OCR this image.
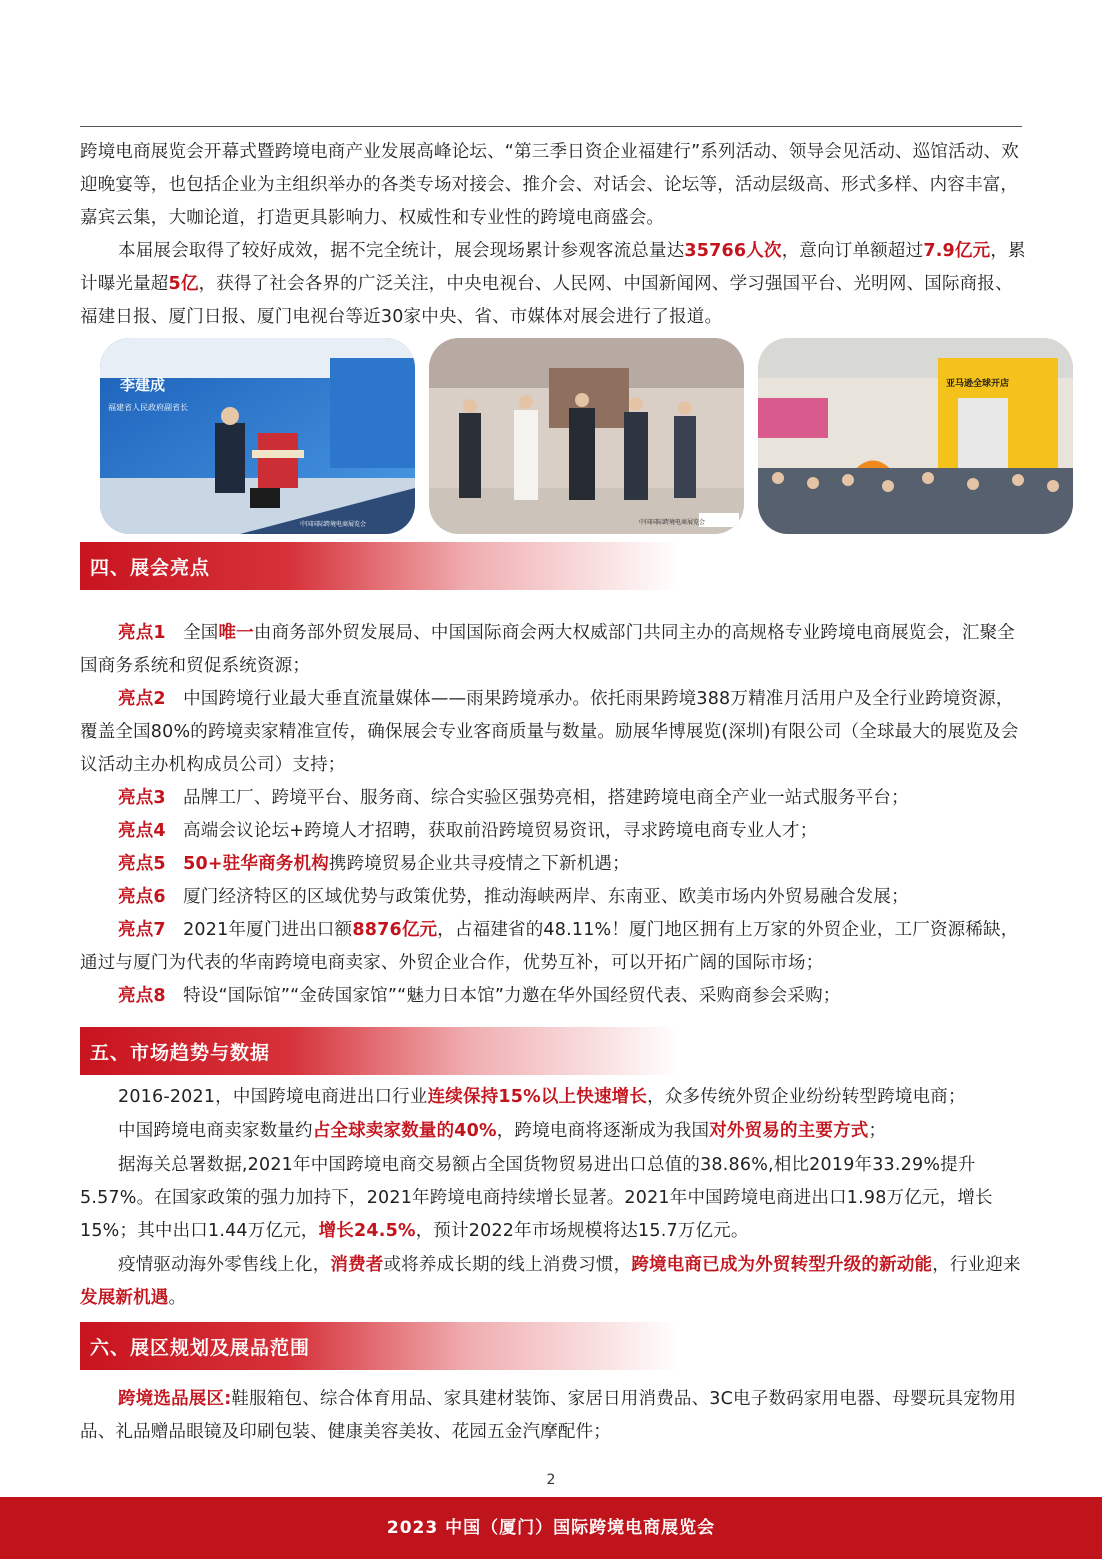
跨境电商展览会开幕式暨跨境电商产业发展高峰论坛、“第三季日资企业福建行”系列活动、领导会见活动、巡馆活动、欢迎晚宴等，也包括企业为主组织举办的各类专场对接会、推介会、对话会、论坛等，活动层级高、形式多样、内容丰富，嘉宾云集，大咖论道，打造更具影响力、权威性和专业性的跨境电商盛会。
本届展会取得了较好成效，据不完全统计，展会现场累计参观客流总量达35766人次，意向订单额超过7.9亿元，累计曝光量超5亿，获得了社会各界的广泛关注，中央电视台、人民网、中国新闻网、学习强国平台、光明网、国际商报、福建日报、厦门日报、厦门电视台等近30家中央、省、市媒体对展会进行了报道。
李建成
福建省人民政府副省长
中国国际跨境电商展览会	中国国际跨境电商展览会
亚马逊全球开店
四、展会亮点
亮点1 全国唯一由商务部外贸发展局、中国国际商会两大权威部门共同主办的高规格专业跨境电商展览会，汇聚全国商务系统和贸促系统资源；
亮点2 中国跨境行业最大垂直流量媒体——雨果跨境承办。依托雨果跨境388万精准月活用户及全行业跨境资源，覆盖全国80%的跨境卖家精准宣传，确保展会专业客商质量与数量。励展华博展览(深圳)有限公司（全球最大的展览及会议活动主办机构成员公司）支持；
亮点3 品牌工厂、跨境平台、服务商、综合实验区强势亮相，搭建跨境电商全产业一站式服务平台；
亮点4 高端会议论坛+跨境人才招聘，获取前沿跨境贸易资讯，寻求跨境电商专业人才；
亮点5 50+驻华商务机构携跨境贸易企业共寻疫情之下新机遇；
亮点6 厦门经济特区的区域优势与政策优势，推动海峡两岸、东南亚、欧美市场内外贸易融合发展；
亮点7 2021年厦门进出口额8876亿元，占福建省的48.11%！厦门地区拥有上万家的外贸企业，工厂资源稀缺，通过与厦门为代表的华南跨境电商卖家、外贸企业合作，优势互补，可以开拓广阔的国际市场；
亮点8 特设“国际馆”“金砖国家馆”“魅力日本馆”力邀在华外国经贸代表、采购商参会采购；
五、市场趋势与数据
2016-2021，中国跨境电商进出口行业连续保持15%以上快速增长，众多传统外贸企业纷纷转型跨境电商；
中国跨境电商卖家数量约占全球卖家数量的40%，跨境电商将逐渐成为我国对外贸易的主要方式；
据海关总署数据,2021年中国跨境电商交易额占全国货物贸易进出口总值的38.86%,相比2019年33.29%提升5.57%。在国家政策的强力加持下，2021年跨境电商持续增长显著。2021年中国跨境电商进出口1.98万亿元，增长15%；其中出口1.44万亿元，增长24.5%，预计2022年市场规模将达15.7万亿元。
疫情驱动海外零售线上化，消费者或将养成长期的线上消费习惯，跨境电商已成为外贸转型升级的新动能，行业迎来发展新机遇。
六、展区规划及展品范围
跨境选品展区:鞋服箱包、综合体育用品、家具建材装饰、家居日用消费品、3C电子数码家用电器、母婴玩具宠物用品、礼品赠品眼镜及印刷包装、健康美容美妆、花园五金汽摩配件；
2
2023 中国（厦门）国际跨境电商展览会
